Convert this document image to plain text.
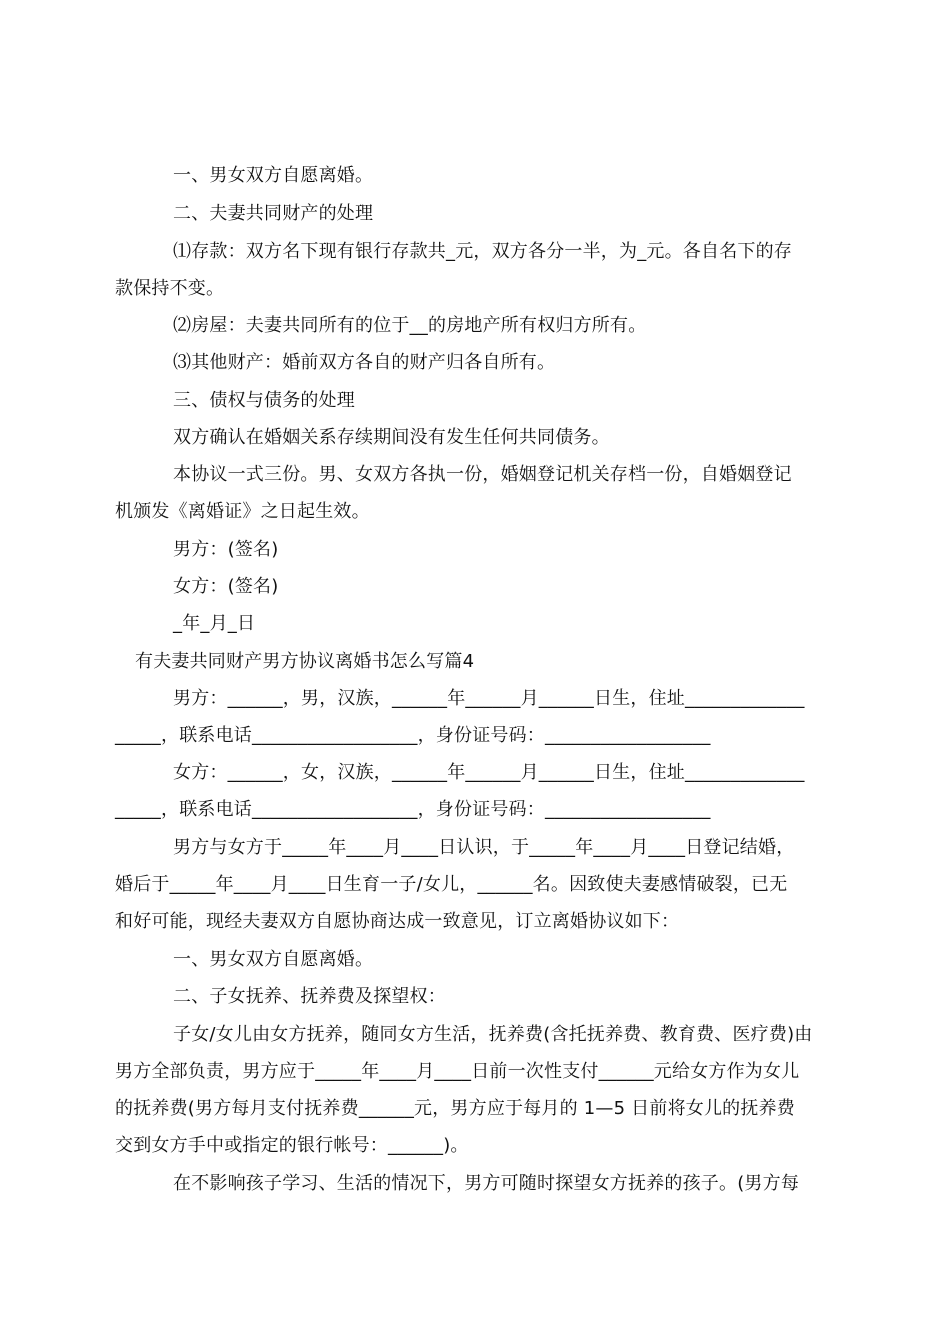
一、男女双方自愿离婚。
二、夫妻共同财产的处理
⑴存款：双方名下现有银行存款共_元，双方各分一半，为_元。各自名下的存
款保持不变。
⑵房屋：夫妻共同所有的位于__的房地产所有权归方所有。
⑶其他财产：婚前双方各自的财产归各自所有。
三、债权与债务的处理
双方确认在婚姻关系存续期间没有发生任何共同债务。
本协议一式三份。男、女双方各执一份，婚姻登记机关存档一份，自婚姻登记
机颁发《离婚证》之日起生效。
男方：(签名)
女方：(签名)
_年_月_日
有夫妻共同财产男方协议离婚书怎么写篇4
男方：______，男，汉族，______年______月______日生，住址_____________
_____，联系电话__________________，身份证号码：__________________
女方：______，女，汉族，______年______月______日生，住址_____________
_____，联系电话__________________，身份证号码：__________________
男方与女方于_____年____月____日认识，于_____年____月____日登记结婚，
婚后于_____年____月____日生育一子/女儿，______名。因致使夫妻感情破裂，已无
和好可能，现经夫妻双方自愿协商达成一致意见，订立离婚协议如下：
一、男女双方自愿离婚。
二、子女抚养、抚养费及探望权：
子女/女儿由女方抚养，随同女方生活，抚养费(含托抚养费、教育费、医疗费)由
男方全部负责，男方应于_____年____月____日前一次性支付______元给女方作为女儿
的抚养费(男方每月支付抚养费______元，男方应于每月的 1—5 日前将女儿的抚养费
交到女方手中或指定的银行帐号：______)。
在不影响孩子学习、生活的情况下，男方可随时探望女方抚养的孩子。(男方每
